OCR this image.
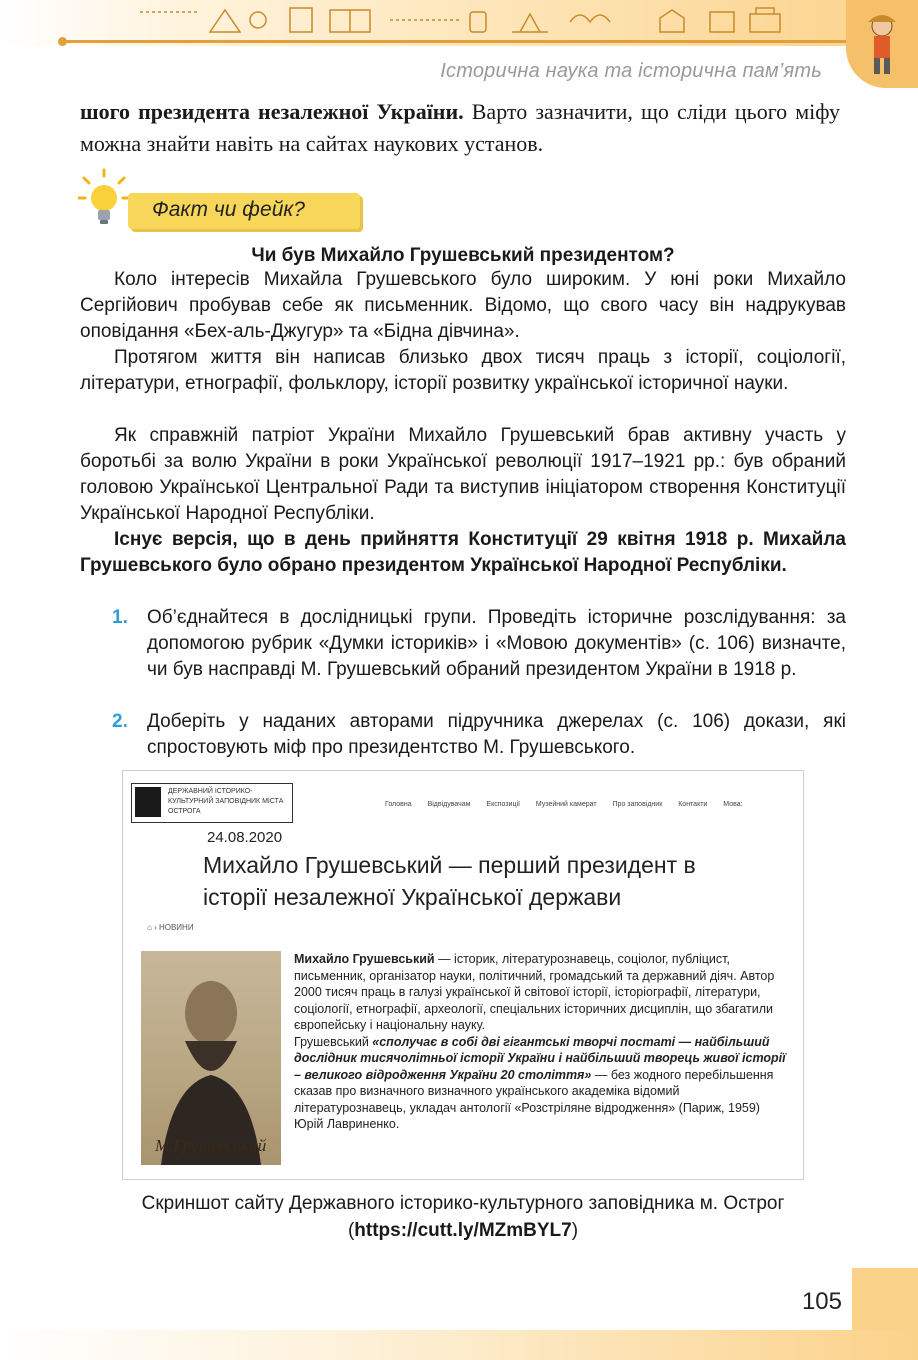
Історична наука та історична пам’ять
шого президента незалежної України. Варто зазначити, що сліди цього міфу можна знайти навіть на сайтах наукових установ.
Факт чи фейк?
Чи був Михайло Грушевський президентом?
Коло інтересів Михайла Грушевського було широким. У юні роки Михайло Сергійович пробував себе як письменник. Відомо, що свого часу він надрукував оповідання «Бех-аль-Джугур» та «Бідна дівчина».
Протягом життя він написав близько двох тисяч праць з історії, соціології, літератури, етнографії, фольклору, історії розвитку української історичної науки.
Як справжній патріот України Михайло Грушевський брав активну участь у боротьбі за волю України в роки Української революції 1917–1921 рр.: був обраний головою Української Центральної Ради та виступив ініціатором створення Конституції Української Народної Республіки.
Існує версія, що в день прийняття Конституції 29 квітня 1918 р. Михайла Грушевського було обрано президентом Української Народної Республіки.
1. Об’єднайтеся в дослідницькі групи. Проведіть історичне розслідування: за допомогою рубрик «Думки істориків» і «Мовою документів» (с. 106) визначте, чи був насправді М. Грушевський обраний президентом України в 1918 р.
2. Доберіть у наданих авторами підручника джерелах (с. 106) докази, які спростовують міф про президентство М. Грушевського.
ДЕРЖАВНИЙ ІСТОРИКО-КУЛЬТУРНИЙ ЗАПОВІДНИК МІСТА ОСТРОГА
Головна Відвідувачам Експозиції Музейний камерат Про заповідник Контакти Мова:
24.08.2020
Михайло Грушевський — перший президент в історії незалежної Української держави
⌂ › НОВИНИ
М.Грушевський
Михайло Грушевський — історик, літературознавець, соціолог, публіцист, письменник, організатор науки, політичний, громадський та державний діяч. Автор 2000 тисяч праць в галузі української й світової історії, історіографії, літератури, соціології, етнографії, археології, спеціальних історичних дисциплін, що збагатили європейську і національну науку.
Грушевський «сполучає в собі дві гігантські творчі постаті — найбільший дослідник тисячолітньої історії України і найбільший творець живої історії – великого відродження України 20 століття» — без жодного перебільшення сказав про визначного визначного українського академіка відомий літературознавець, укладач антології «Розстріляне відродження» (Париж, 1959) Юрій Лавриненко.
Скриншот сайту Державного історико-культурного заповідника м. Острог (https://cutt.ly/MZmBYL7)
105
